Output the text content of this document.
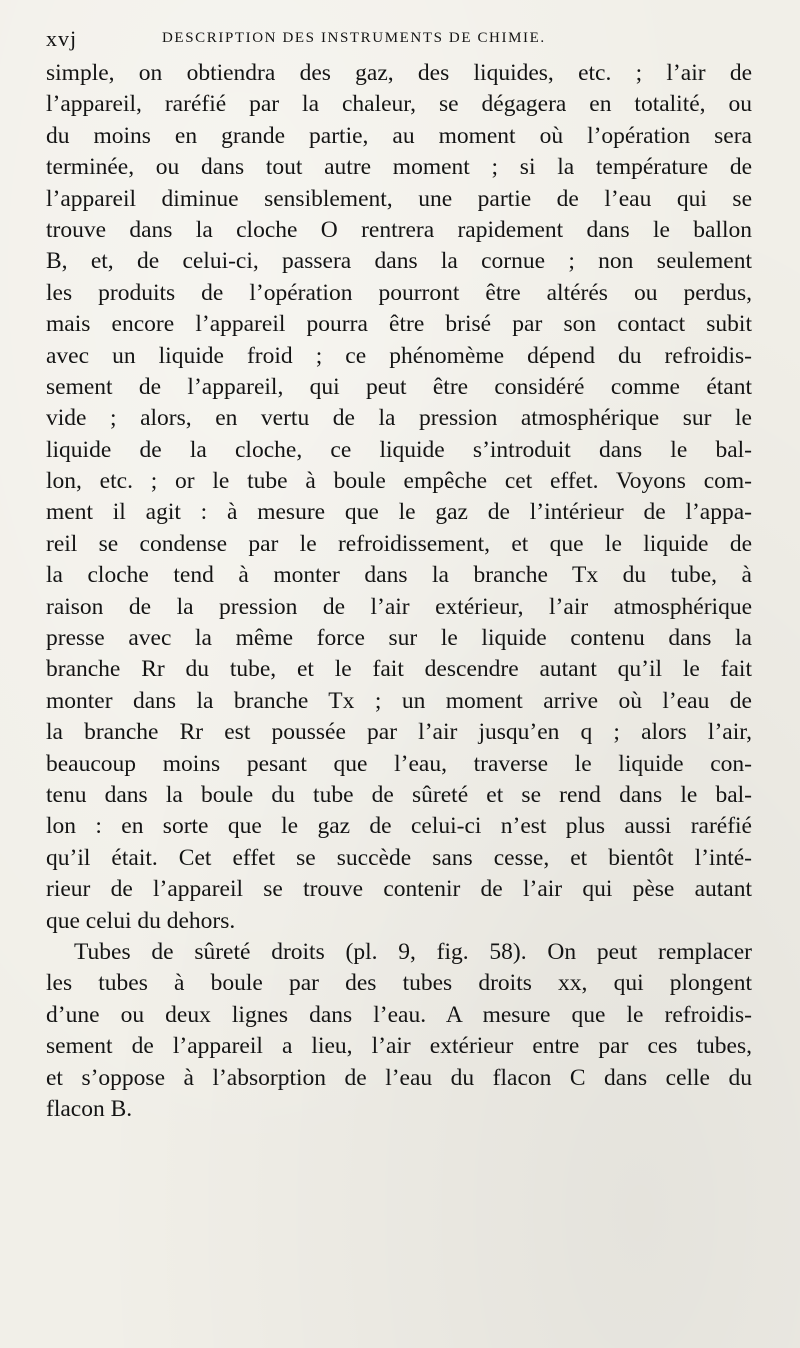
xvj	DESCRIPTION DES INSTRUMENTS DE CHIMIE.
simple, on obtiendra des gaz, des liquides, etc. ; l’air de
l’appareil, raréfié par la chaleur, se dégagera en totalité, ou
du moins en grande partie, au moment où l’opération sera
terminée, ou dans tout autre moment ; si la température de
l’appareil diminue sensiblement, une partie de l’eau qui se
trouve dans la cloche O rentrera rapidement dans le ballon
B, et, de celui-ci, passera dans la cornue ; non seulement
les produits de l’opération pourront être altérés ou perdus,
mais encore l’appareil pourra être brisé par son contact subit
avec un liquide froid ; ce phénomème dépend du refroidis-
sement de l’appareil, qui peut être considéré comme étant
vide ; alors, en vertu de la pression atmosphérique sur le
liquide de la cloche, ce liquide s’introduit dans le bal-
lon, etc. ; or le tube à boule empêche cet effet. Voyons com-
ment il agit : à mesure que le gaz de l’intérieur de l’appa-
reil se condense par le refroidissement, et que le liquide de
la cloche tend à monter dans la branche Tx du tube, à
raison de la pression de l’air extérieur, l’air atmosphérique
presse avec la même force sur le liquide contenu dans la
branche Rr du tube, et le fait descendre autant qu’il le fait
monter dans la branche Tx ; un moment arrive où l’eau de
la branche Rr est poussée par l’air jusqu’en q ; alors l’air,
beaucoup moins pesant que l’eau, traverse le liquide con-
tenu dans la boule du tube de sûreté et se rend dans le bal-
lon : en sorte que le gaz de celui-ci n’est plus aussi raréfié
qu’il était. Cet effet se succède sans cesse, et bientôt l’inté-
rieur de l’appareil se trouve contenir de l’air qui pèse autant
que celui du dehors.
Tubes de sûreté droits (pl. 9, fig. 58). On peut remplacer
les tubes à boule par des tubes droits xx, qui plongent
d’une ou deux lignes dans l’eau. A mesure que le refroidis-
sement de l’appareil a lieu, l’air extérieur entre par ces tubes,
et s’oppose à l’absorption de l’eau du flacon C dans celle du
flacon B.
